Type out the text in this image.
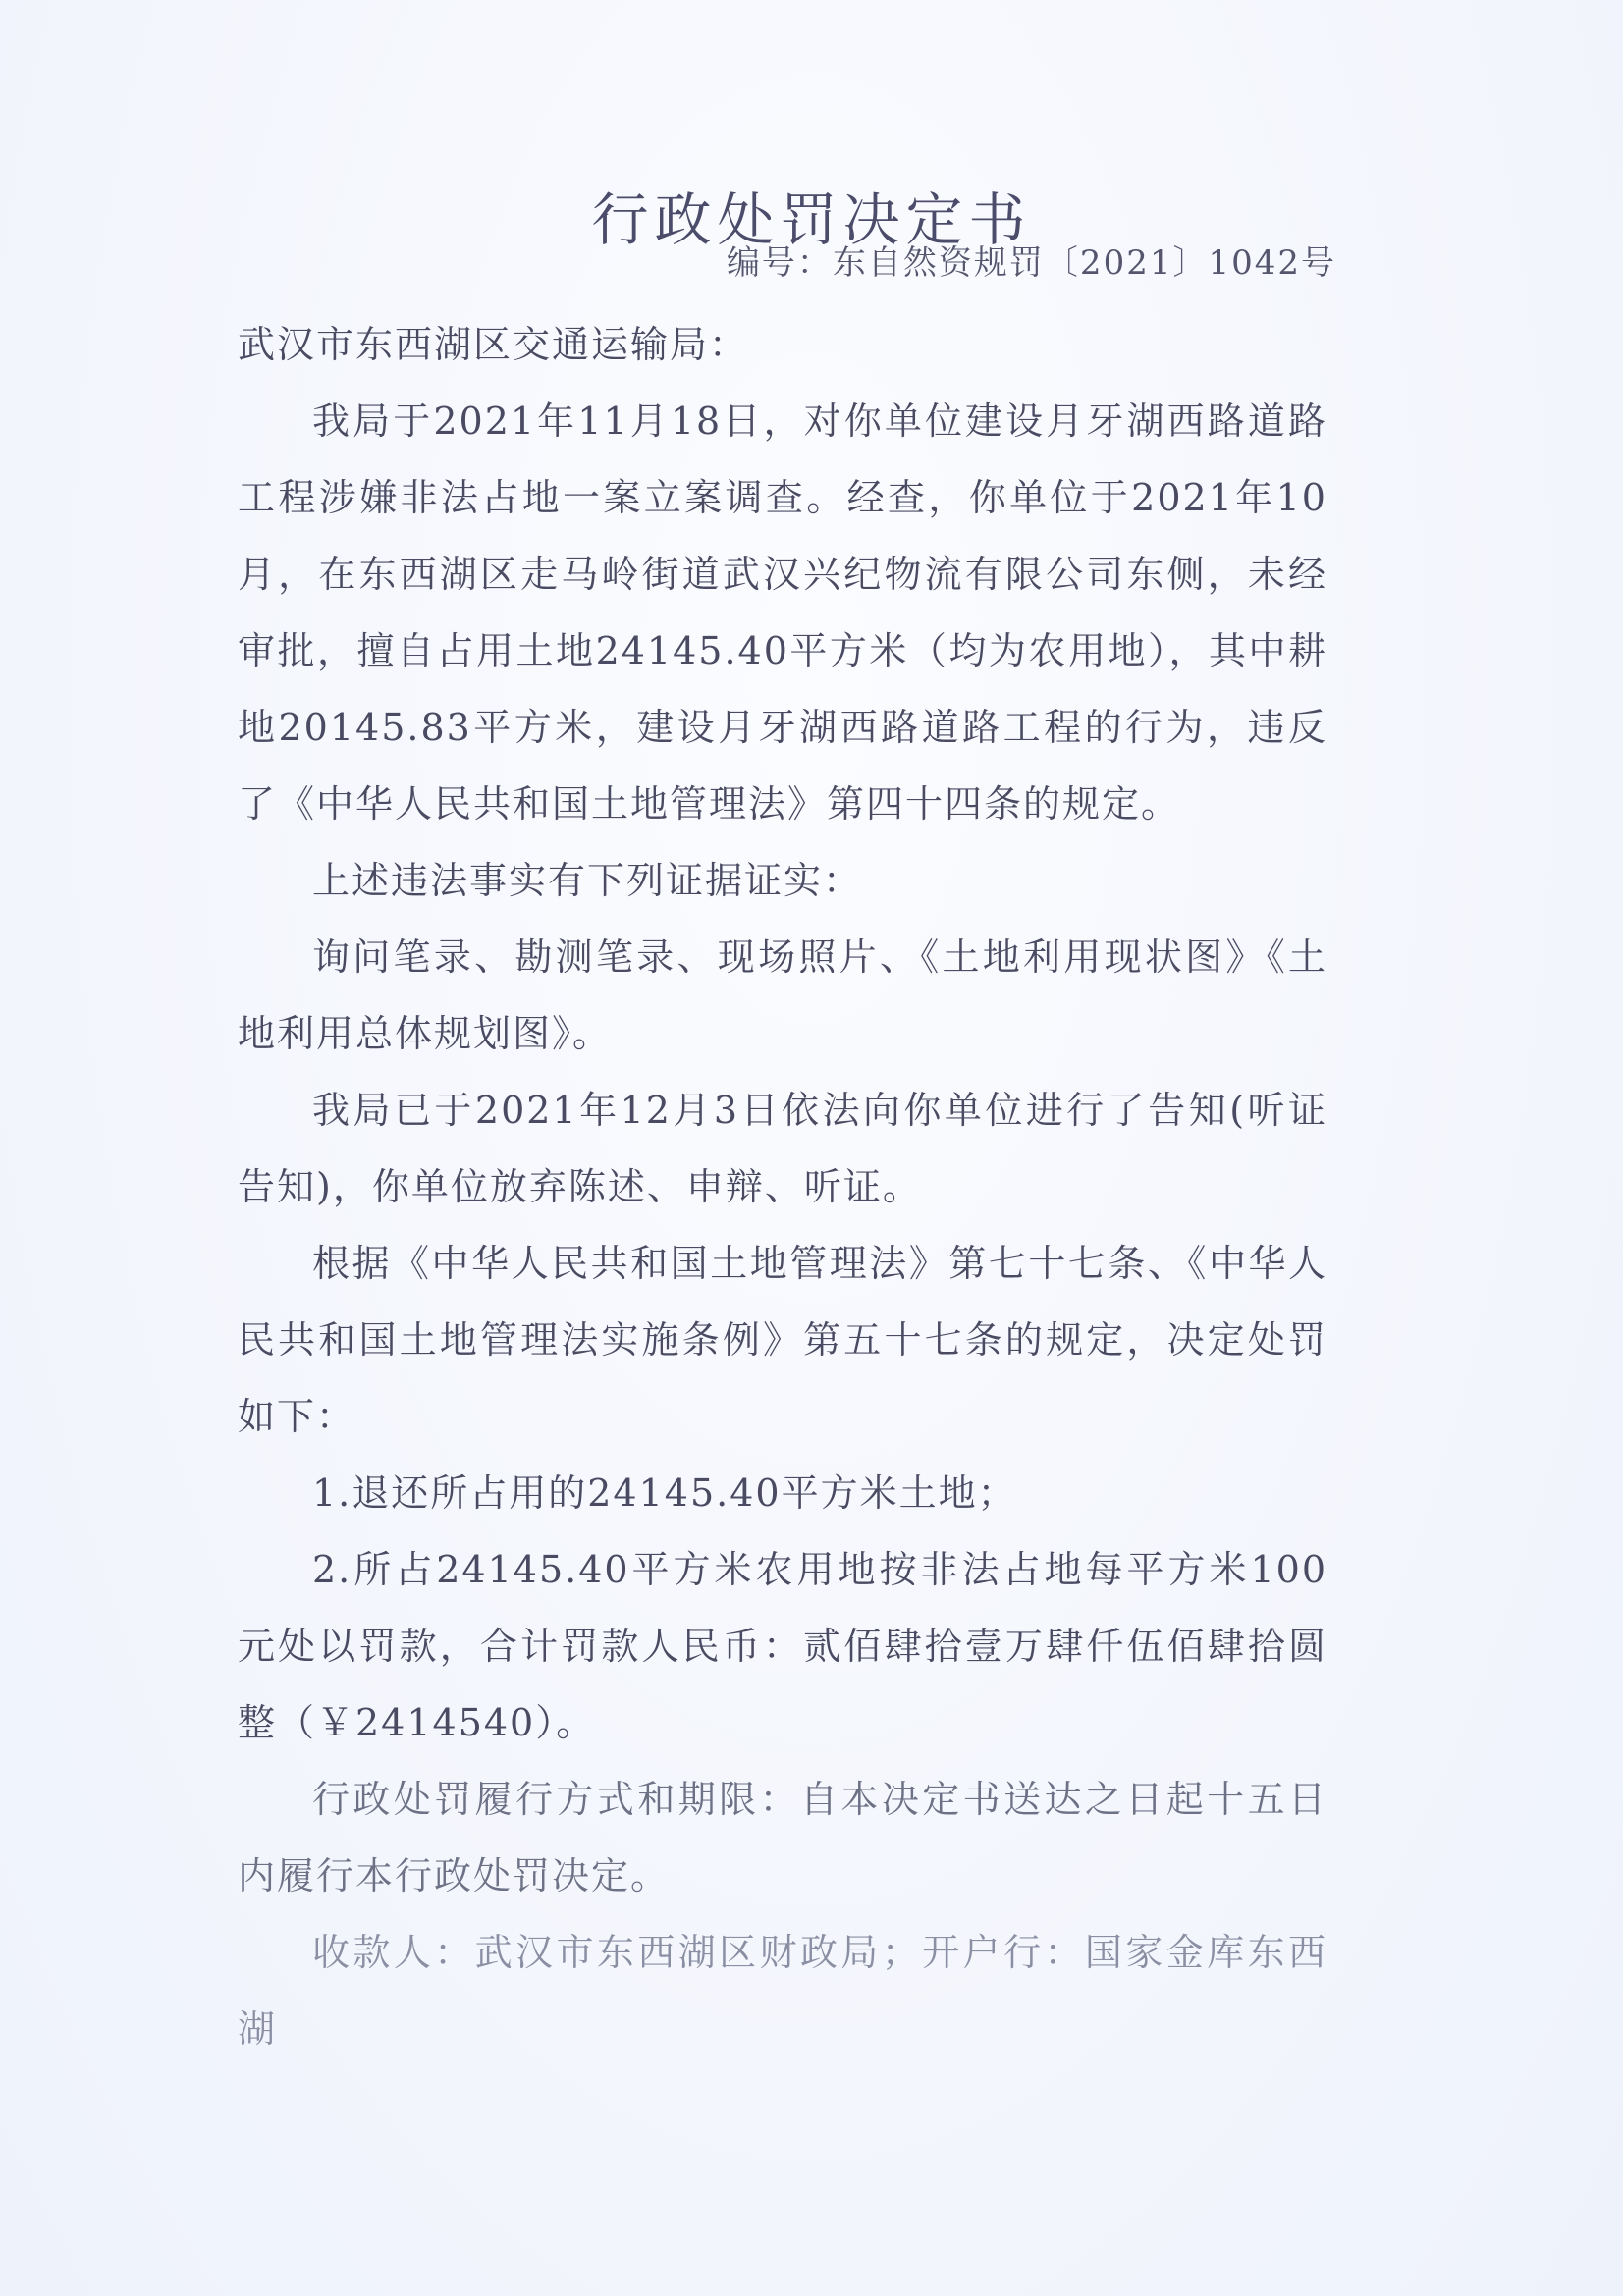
行政处罚决定书
编号：东自然资规罚〔2021〕1042号

武汉市东西湖区交通运输局：

我局于2021年11月18日，对你单位建设月牙湖西路道路工程涉嫌非法占地一案立案调查。经查，你单位于2021年10月，在东西湖区走马岭街道武汉兴纪物流有限公司东侧，未经审批，擅自占用土地24145.40平方米（均为农用地），其中耕地20145.83平方米，建设月牙湖西路道路工程的行为，违反了《中华人民共和国土地管理法》第四十四条的规定。

上述违法事实有下列证据证实：

询问笔录、勘测笔录、现场照片、《土地利用现状图》《土地利用总体规划图》。

我局已于2021年12月3日依法向你单位进行了告知(听证告知)，你单位放弃陈述、申辩、听证。

根据《中华人民共和国土地管理法》第七十七条、《中华人民共和国土地管理法实施条例》第五十七条的规定，决定处罚如下：

1.退还所占用的24145.40平方米土地；

2.所占24145.40平方米农用地按非法占地每平方米100元处以罚款，合计罚款人民币：贰佰肆拾壹万肆仟伍佰肆拾圆整（￥2414540）。

行政处罚履行方式和期限：自本决定书送达之日起十五日内履行本行政处罚决定。

收款人：武汉市东西湖区财政局；开户行：国家金库东西湖
